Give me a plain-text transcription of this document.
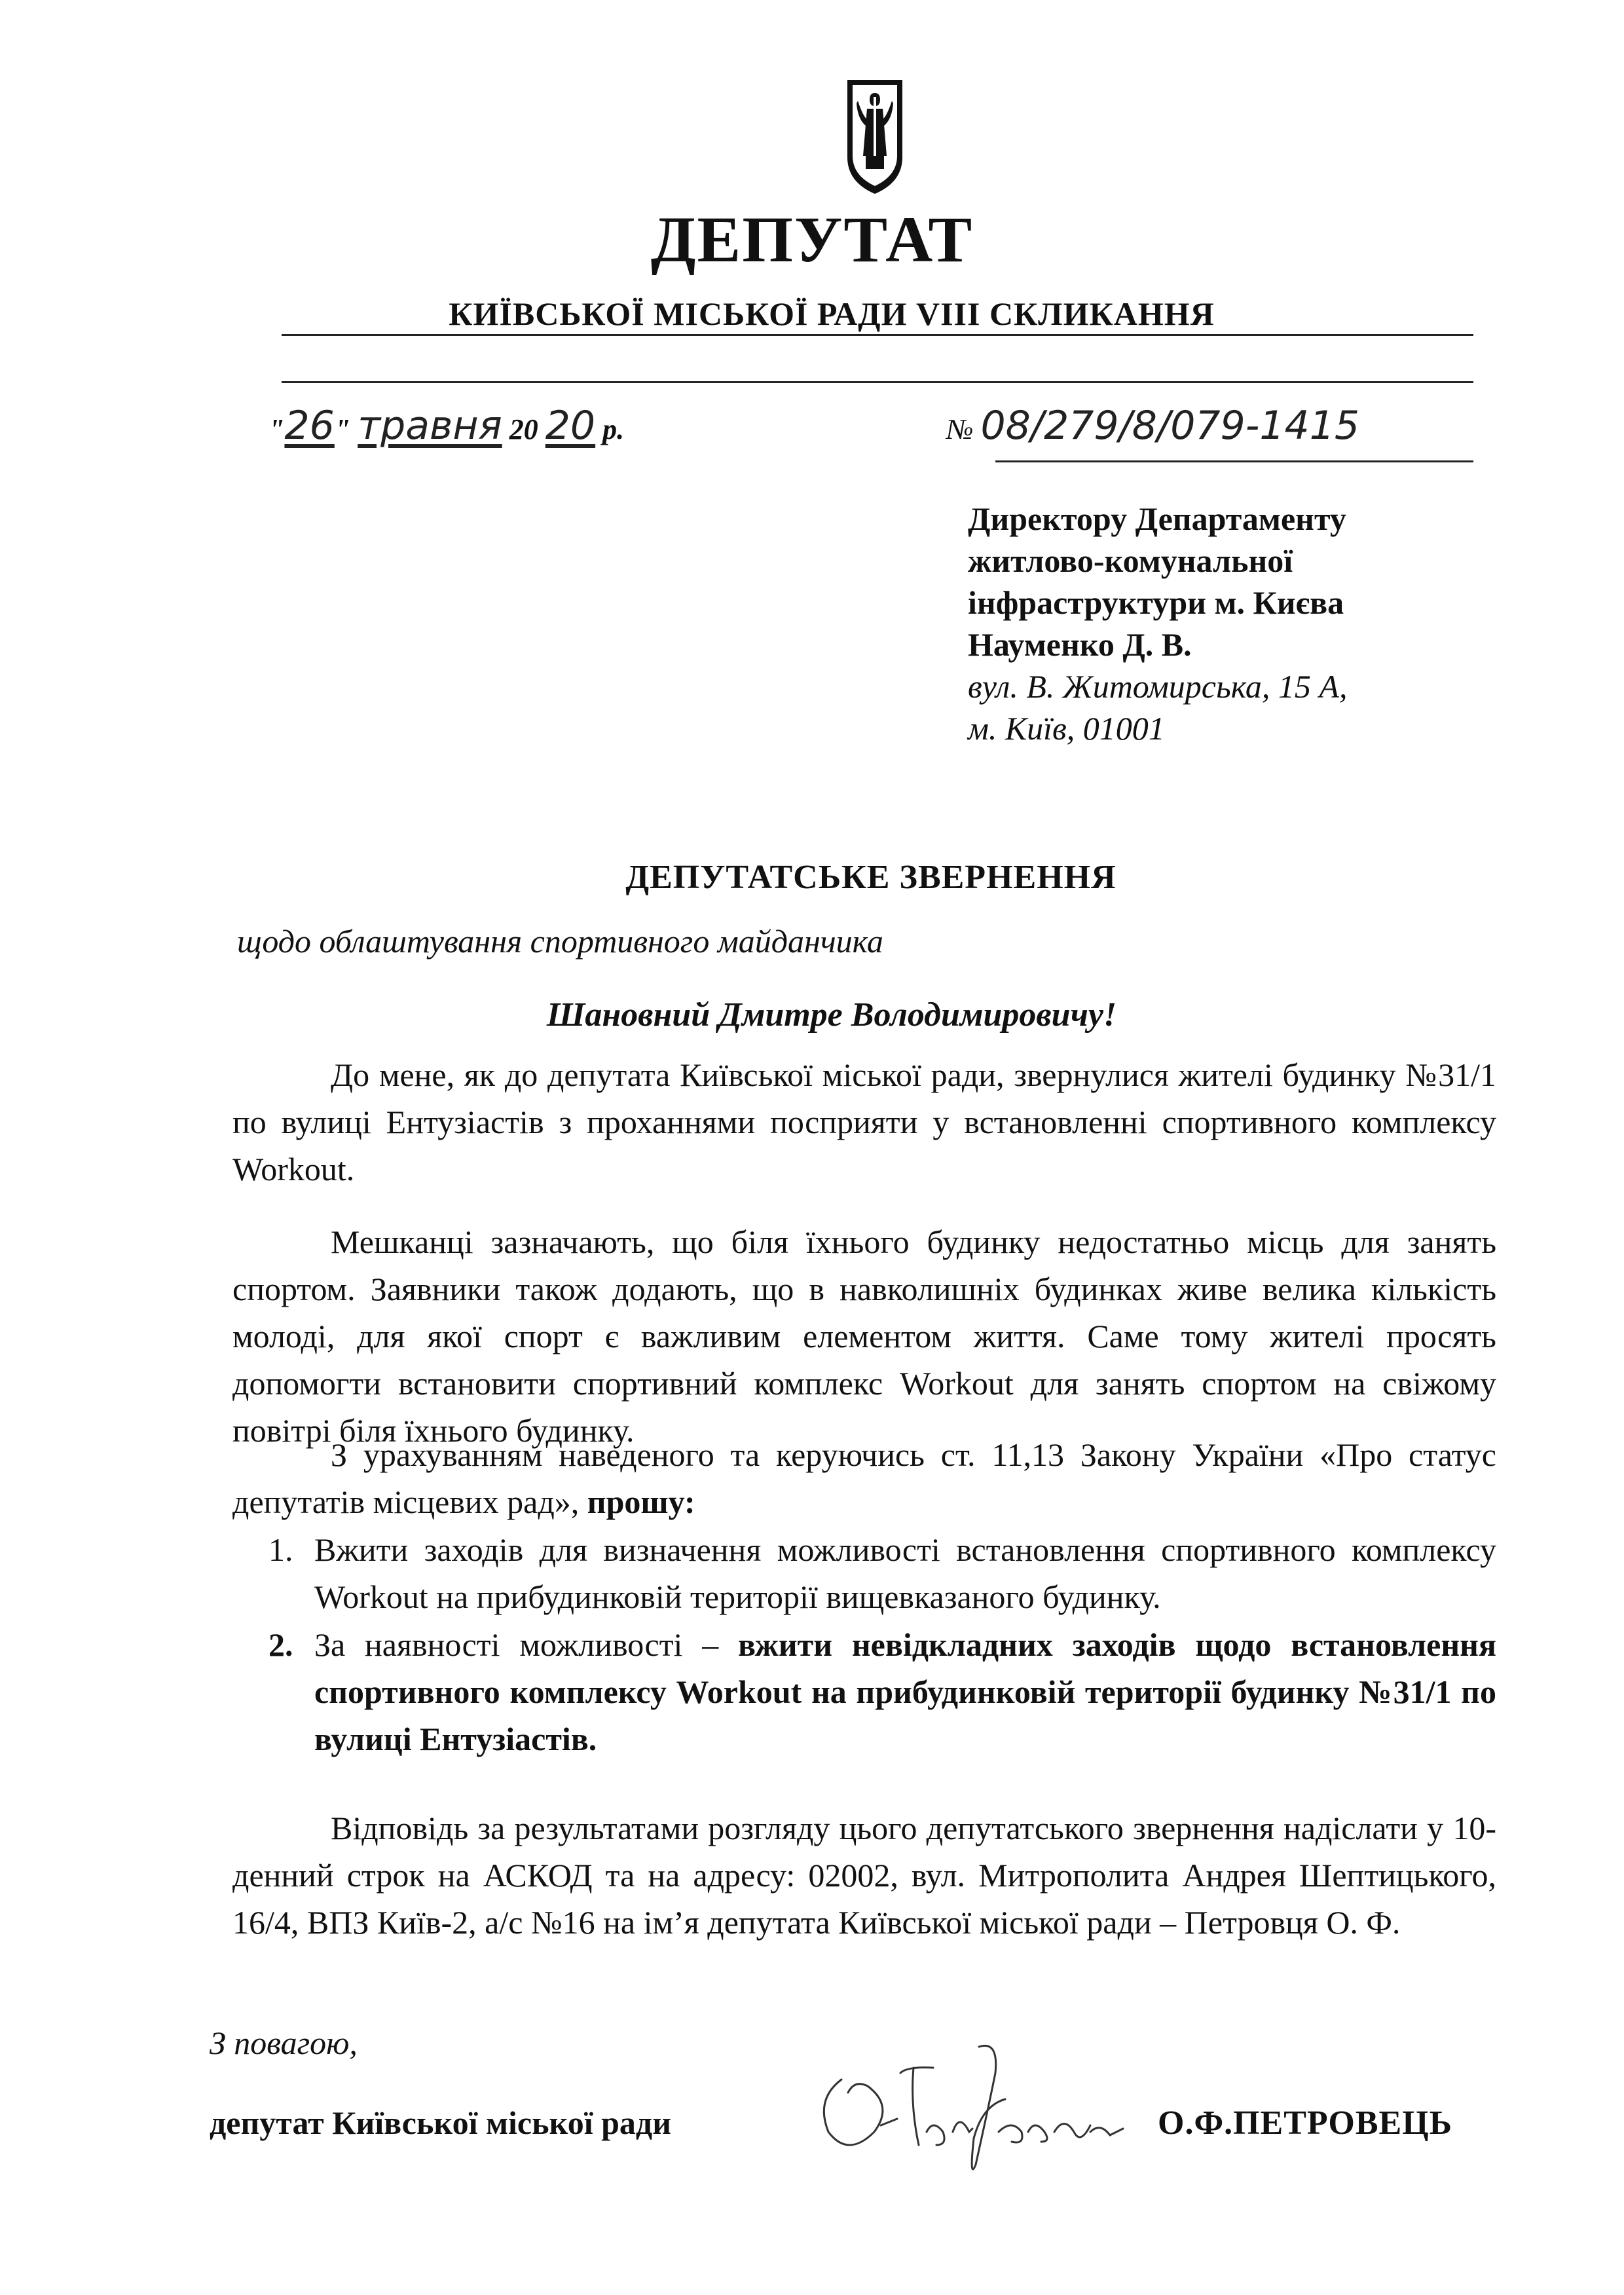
ДЕПУТАТ
КИЇВСЬКОЇ МІСЬКОЇ РАДИ VIII СКЛИКАННЯ
"26" травня 20 20 р.	№ 08/279/8/079-1415
Директору Департаменту
житлово-комунальної
інфраструктури м. Києва
Науменко Д. В.
вул. В. Житомирська, 15 А,
м. Київ, 01001
ДЕПУТАТСЬКЕ ЗВЕРНЕННЯ
щодо облаштування спортивного майданчика
Шановний Дмитре Володимировичу!
До мене, як до депутата Київської міської ради, звернулися жителі будинку №31/1 по вулиці Ентузіастів з проханнями посприяти у встановленні спортивного комплексу Workout.
Мешканці зазначають, що біля їхнього будинку недостатньо місць для занять спортом. Заявники також додають, що в навколишніх будинках живе велика кількість молоді, для якої спорт є важливим елементом життя. Саме тому жителі просять допомогти встановити спортивний комплекс Workout для занять спортом на свіжому повітрі біля їхнього будинку.
З урахуванням наведеного та керуючись ст. 11,13 Закону України «Про статус депутатів місцевих рад», прошу:
1. Вжити заходів для визначення можливості встановлення спортивного комплексу Workout на прибудинковій території вищевказаного будинку.
2. За наявності можливості – вжити невідкладних заходів щодо встановлення спортивного комплексу Workout на прибудинковій території будинку №31/1 по вулиці Ентузіастів.
Відповідь за результатами розгляду цього депутатського звернення надіслати у 10-денний строк на АСКОД та на адресу: 02002, вул. Митрополита Андрея Шептицького, 16/4, ВПЗ Київ-2, а/с №16 на ім’я депутата Київської міської ради – Петровця О. Ф.
З повагою,
депутат Київської міської ради	О.Ф.ПЕТРОВЕЦЬ
